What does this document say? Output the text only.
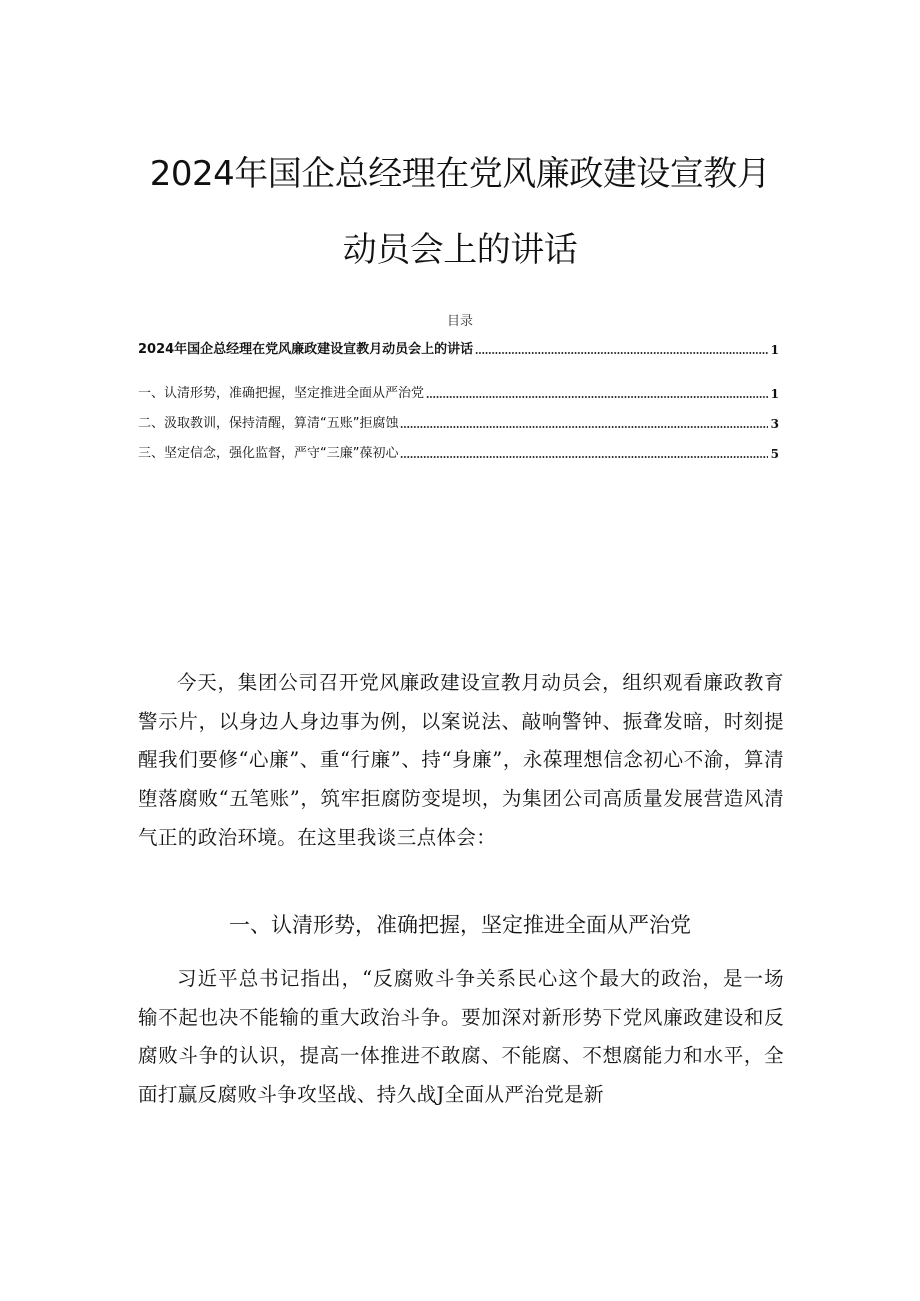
2024年国企总经理在党风廉政建设宣教月
动员会上的讲话
目录
2024年国企总经理在党风廉政建设宣教月动员会上的讲话	1
一、认清形势，准确把握，坚定推进全面从严治党	1
二、汲取教训，保持清醒，算清“五账”拒腐蚀	3
三、坚定信念，强化监督，严守“三廉”葆初心	5

今天，集团公司召开党风廉政建设宣教月动员会，组织观看廉政教育警示片，以身边人身边事为例，以案说法、敲响警钟、振聋发暗，时刻提醒我们要修“心廉”、重“行廉”、持“身廉”，永葆理想信念初心不渝，算清堕落腐败“五笔账”，筑牢拒腐防变堤坝，为集团公司高质量发展营造风清气正的政治环境。在这里我谈三点体会：

一、认清形势，准确把握，坚定推进全面从严治党

习近平总书记指出，“反腐败斗争关系民心这个最大的政治，是一场输不起也决不能输的重大政治斗争。要加深对新形势下党风廉政建设和反腐败斗争的认识，提高一体推进不敢腐、不能腐、不想腐能力和水平，全面打赢反腐败斗争攻坚战、持久战J全面从严治党是新
